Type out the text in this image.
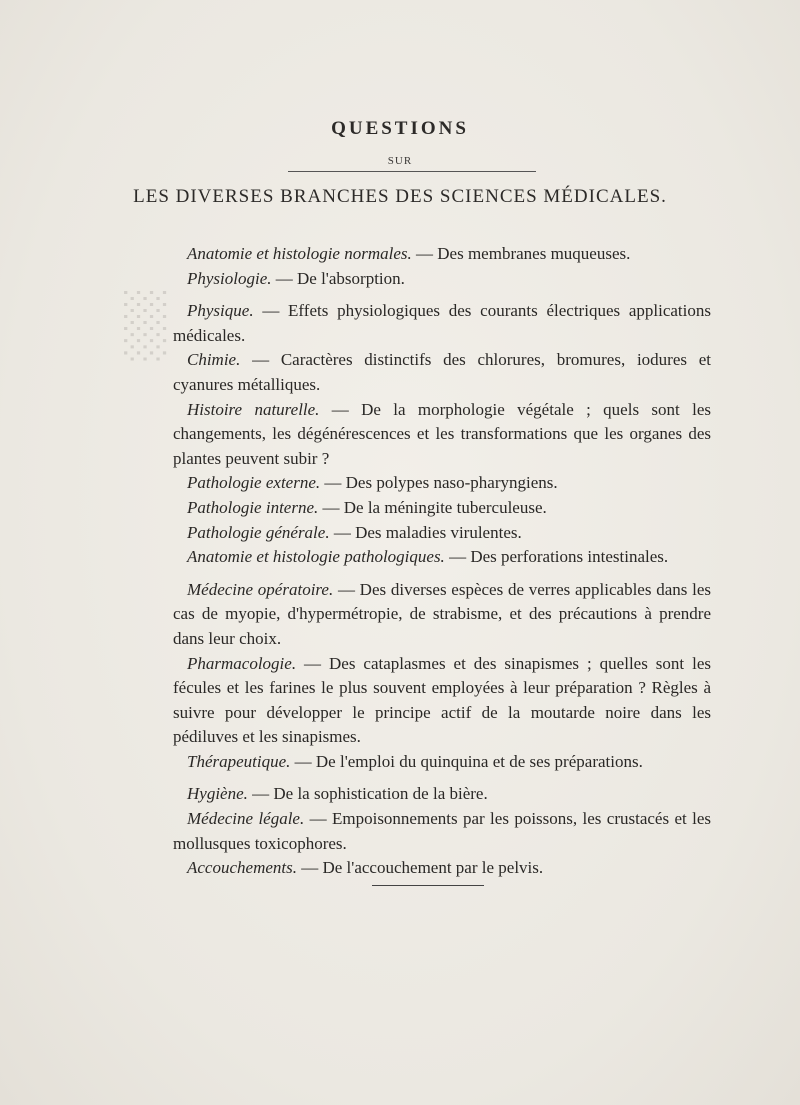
░
QUESTIONS
SUR
LES DIVERSES BRANCHES DES SCIENCES MÉDICALES.

Anatomie et histologie normales. — Des membranes muqueuses.

Physiologie. — De l'absorption.

Physique. — Effets physiologiques des courants électriques applications médicales.

Chimie. — Caractères distinctifs des chlorures, bromures, iodures et cyanures métalliques.

Histoire naturelle. — De la morphologie végétale ; quels sont les changements, les dégénérescences et les transformations que les organes des plantes peuvent subir ?

Pathologie externe. — Des polypes naso-pharyngiens.

Pathologie interne. — De la méningite tuberculeuse.

Pathologie générale. — Des maladies virulentes.

Anatomie et histologie pathologiques. — Des perforations intestinales.

Médecine opératoire. — Des diverses espèces de verres applicables dans les cas de myopie, d'hypermétropie, de strabisme, et des précautions à prendre dans leur choix.

Pharmacologie. — Des cataplasmes et des sinapismes ; quelles sont les fécules et les farines le plus souvent employées à leur préparation ? Règles à suivre pour développer le principe actif de la moutarde noire dans les pédiluves et les sinapismes.

Thérapeutique. — De l'emploi du quinquina et de ses préparations.

Hygiène. — De la sophistication de la bière.

Médecine légale. — Empoisonnements par les poissons, les crustacés et les mollusques toxicophores.

Accouchements. — De l'accouchement par le pelvis.
